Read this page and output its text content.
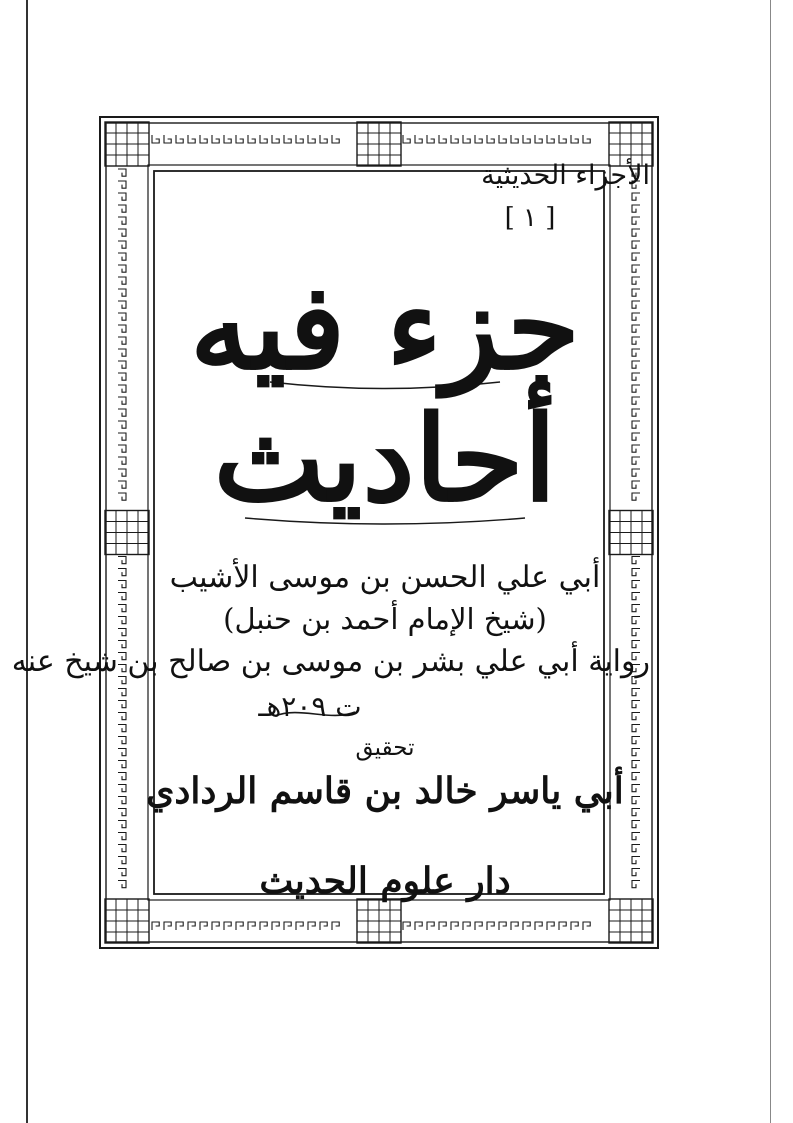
الأجزاء الحديثية
[ ١ ]
جزء فيه
أحاديث
أبي علي الحسن بن موسى الأشيب
(شيخ الإمام أحمد بن حنبل)
رواية أبي علي بشر بن موسى بن صالح بن شيخ عنه
ت ٢٠٩هـ
تحقيق
أبي ياسر خالد بن قاسم الردادي
دار علوم الحديث
